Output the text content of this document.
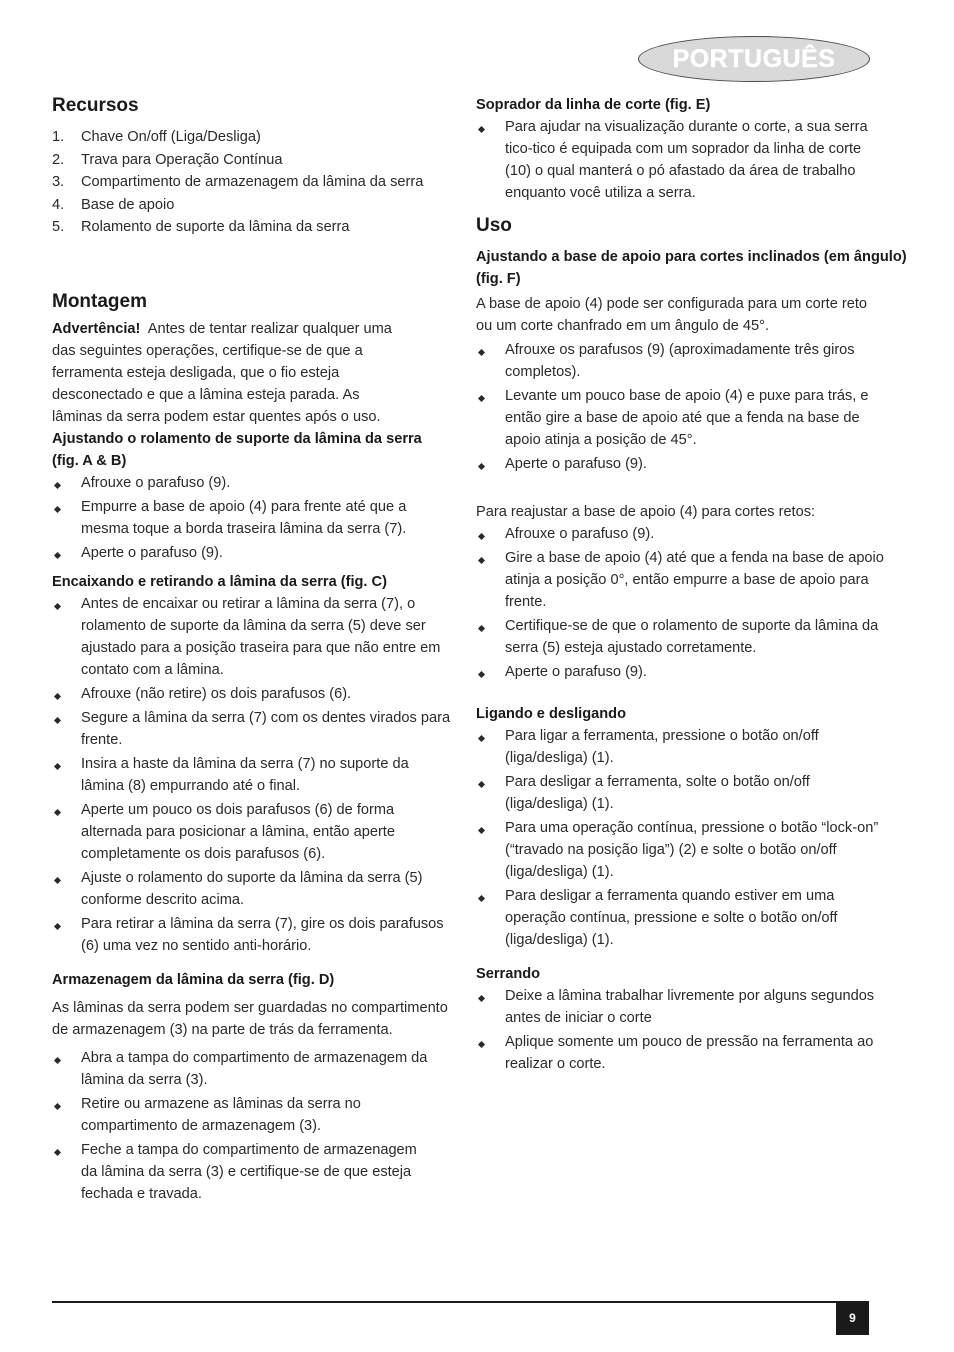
PORTUGUÊS
Recursos
1.	Chave On/off (Liga/Desliga)
2.	Trava para Operação Contínua
3.	Compartimento de armazenagem da lâmina da serra
4.	Base de apoio
5.	Rolamento de suporte da lâmina da serra
Montagem

Advertência! Antes de tentar realizar qualquer uma das seguintes operações, certifique-se de que a ferramenta esteja desligada, que o fio esteja desconectado e que a lâmina esteja parada. As lâminas da serra podem estar quentes após o uso.

Ajustando o rolamento de suporte da lâmina da serra (fig. A & B)
Afrouxe o parafuso (9).
Empurre a base de apoio (4) para frente até que a mesma toque a borda traseira lâmina da serra (7).
Aperte o parafuso (9).
Encaixando e retirando a lâmina da serra (fig. C)
Antes de encaixar ou retirar a lâmina da serra (7), o rolamento de suporte da lâmina da serra (5) deve ser ajustado para a posição traseira para que não entre em contato com a lâmina.
Afrouxe (não retire) os dois parafusos (6).
Segure a lâmina da serra (7) com os dentes virados para frente.
Insira a haste da lâmina da serra (7) no suporte da lâmina (8) empurrando até o final.
Aperte um pouco os dois parafusos (6) de forma alternada para posicionar a lâmina, então aperte completamente os dois parafusos (6).
Ajuste o rolamento do suporte da lâmina da serra (5) conforme descrito acima.
Para retirar a lâmina da serra (7), gire os dois parafusos (6) uma vez no sentido anti-horário.
Armazenagem da lâmina da serra (fig. D)

As lâminas da serra podem ser guardadas no compartimento de armazenagem (3) na parte de trás da ferramenta.

Abra a tampa do compartimento de armazenagem da lâmina da serra (3).
Retire ou armazene as lâminas da serra no compartimento de armazenagem (3).
Feche a tampa do compartimento de armazenagem da lâmina da serra (3) e certifique-se de que esteja fechada e travada.
Soprador da linha de corte (fig. E)
Para ajudar na visualização durante o corte, a sua serra tico-tico é equipada com um soprador da linha de corte (10) o qual manterá o pó afastado da área de trabalho enquanto você utiliza a serra.
Uso
Ajustando a base de apoio para cortes inclinados (em ângulo) (fig. F)

A base de apoio (4) pode ser configurada para um corte reto ou um corte chanfrado em um ângulo de 45°.

Afrouxe os parafusos (9) (aproximadamente três giros completos).
Levante um pouco base de apoio (4) e puxe para trás, e então gire a base de apoio até que a fenda na base de apoio atinja a posição de 45°.
Aperte o parafuso (9).

Para reajustar a base de apoio (4) para cortes retos:

Afrouxe o parafuso (9).
Gire a base de apoio (4) até que a fenda na base de apoio atinja a posição 0°, então empurre a base de apoio para frente.
Certifique-se de que o rolamento de suporte da lâmina da serra (5) esteja ajustado corretamente.
Aperte o parafuso (9).
Ligando e desligando
Para ligar a ferramenta, pressione o botão on/off (liga/desliga) (1).
Para desligar a ferramenta, solte o botão on/off (liga/desliga) (1).
Para uma operação contínua, pressione o botão “lock-on” (“travado na posição liga”) (2) e solte o botão on/off (liga/desliga) (1).
Para desligar a ferramenta quando estiver em uma operação contínua, pressione e solte o botão on/off (liga/desliga) (1).
Serrando
Deixe a lâmina trabalhar livremente por alguns segundos antes de iniciar o corte
Aplique somente um pouco de pressão na ferramenta ao realizar o corte.
9
